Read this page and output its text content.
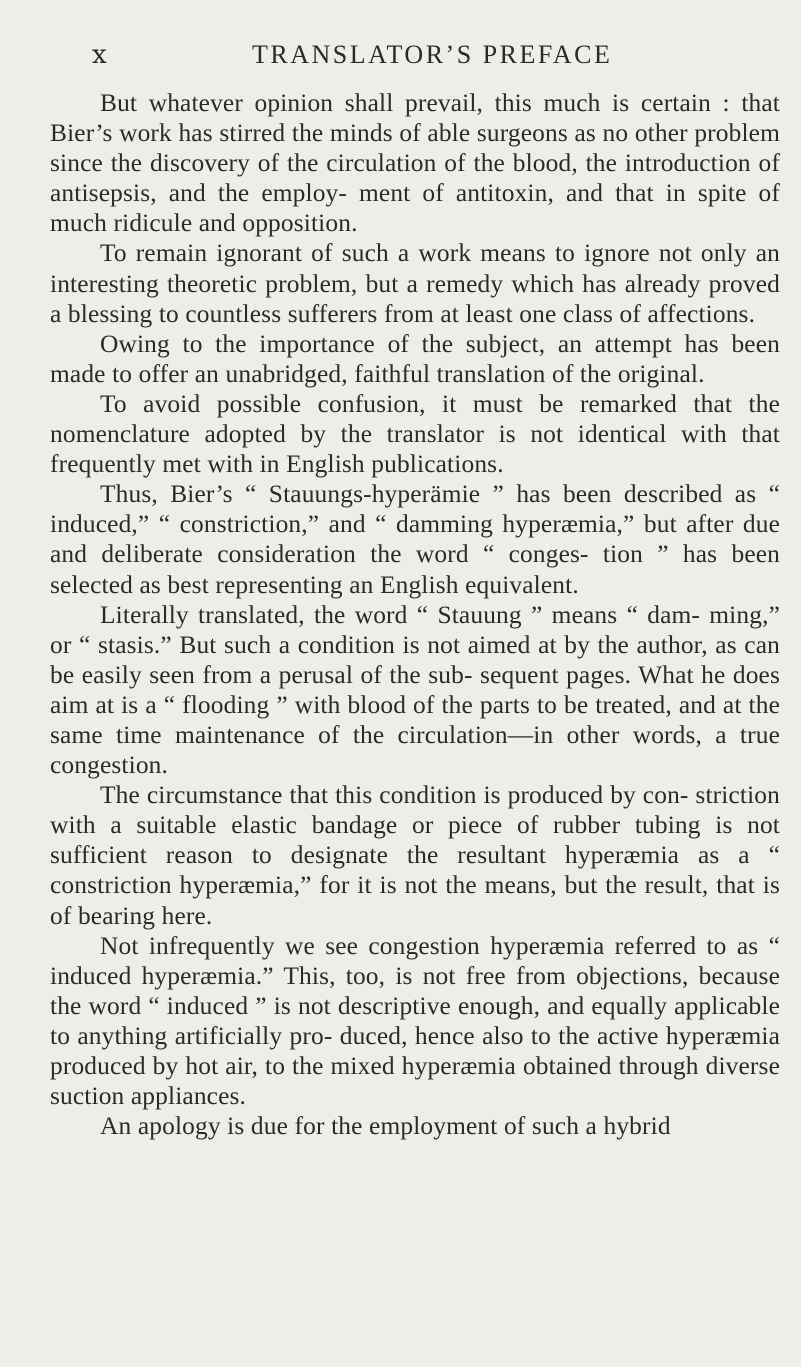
x	TRANSLATOR’S PREFACE

But whatever opinion shall prevail, this much is certain : that Bier’s work has stirred the minds of able surgeons as no other problem since the discovery of the circulation of the blood, the introduction of antisepsis, and the employ- ment of antitoxin, and that in spite of much ridicule and opposition.

To remain ignorant of such a work means to ignore not only an interesting theoretic problem, but a remedy which has already proved a blessing to countless sufferers from at least one class of affections.

Owing to the importance of the subject, an attempt has been made to offer an unabridged, faithful translation of the original.

To avoid possible confusion, it must be remarked that the nomenclature adopted by the translator is not identical with that frequently met with in English publications.

Thus, Bier’s “ Stauungs-hyperämie ” has been described as “ induced,” “ constriction,” and “ damming hyperæmia,” but after due and deliberate consideration the word “ conges- tion ” has been selected as best representing an English equivalent.

Literally translated, the word “ Stauung ” means “ dam- ming,” or “ stasis.” But such a condition is not aimed at by the author, as can be easily seen from a perusal of the sub- sequent pages. What he does aim at is a “ flooding ” with blood of the parts to be treated, and at the same time maintenance of the circulation—in other words, a true congestion.

The circumstance that this condition is produced by con- striction with a suitable elastic bandage or piece of rubber tubing is not sufficient reason to designate the resultant hyperæmia as a “ constriction hyperæmia,” for it is not the means, but the result, that is of bearing here.

Not infrequently we see congestion hyperæmia referred to as “ induced hyperæmia.” This, too, is not free from objections, because the word “ induced ” is not descriptive enough, and equally applicable to anything artificially pro- duced, hence also to the active hyperæmia produced by hot air, to the mixed hyperæmia obtained through diverse suction appliances.

An apology is due for the employment of such a hybrid
